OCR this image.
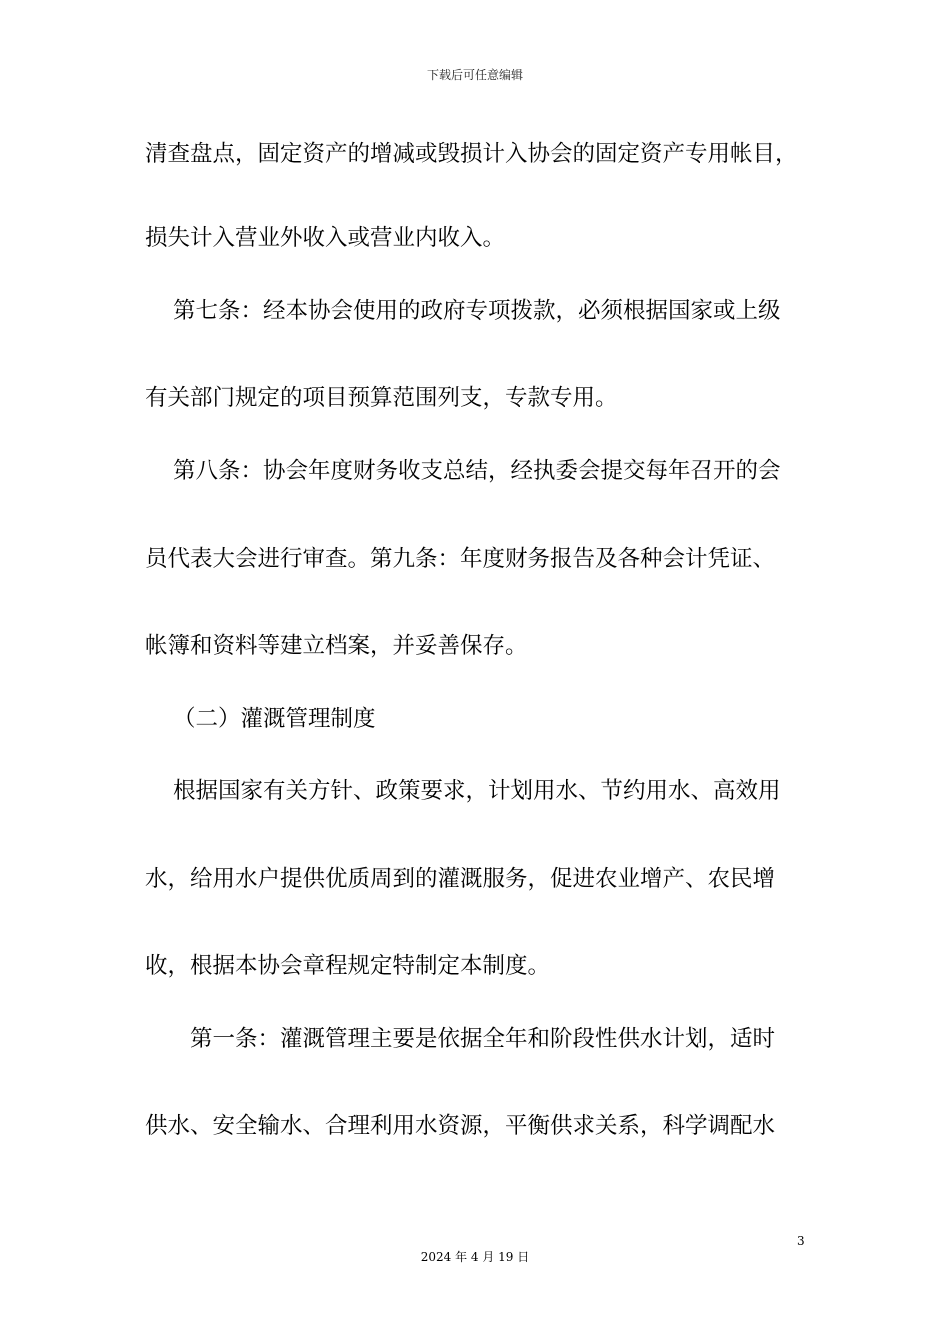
下载后可任意编辑
清查盘点，固定资产的增减或毁损计入协会的固定资产专用帐目，
损失计入营业外收入或营业内收入。
第七条：经本协会使用的政府专项拨款，必须根据国家或上级
有关部门规定的项目预算范围列支，专款专用。
第八条：协会年度财务收支总结，经执委会提交每年召开的会
员代表大会进行审查。第九条：年度财务报告及各种会计凭证、
帐簿和资料等建立档案，并妥善保存。
（二）灌溉管理制度
根据国家有关方针、政策要求，计划用水、节约用水、高效用
水，给用水户提供优质周到的灌溉服务，促进农业增产、农民增
收，根据本协会章程规定特制定本制度。
第一条：灌溉管理主要是依据全年和阶段性供水计划，适时
供水、安全输水、合理利用水资源，平衡供求关系，科学调配水
3
2024 年 4 月 19 日
